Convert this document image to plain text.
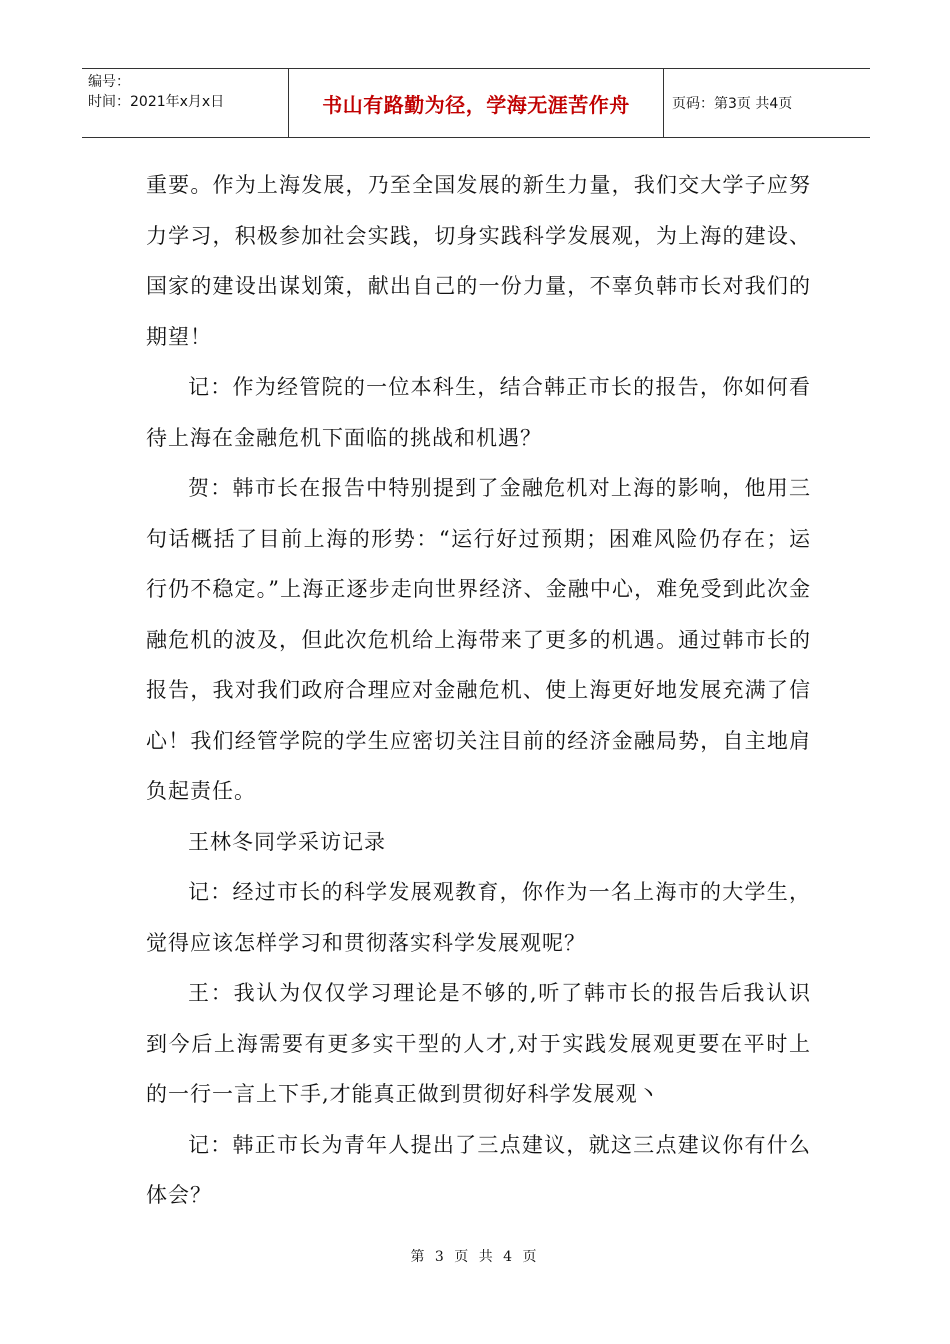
编号：
时间：2021年x月x日	书山有路勤为径，学海无涯苦作舟	页码：第3页 共4页

重要。作为上海发展，乃至全国发展的新生力量，我们交大学子应努力学习，积极参加社会实践，切身实践科学发展观，为上海的建设、国家的建设出谋划策，献出自己的一份力量，不辜负韩市长对我们的期望！

记：作为经管院的一位本科生，结合韩正市长的报告，你如何看待上海在金融危机下面临的挑战和机遇？

贺：韩市长在报告中特别提到了金融危机对上海的影响，他用三句话概括了目前上海的形势：“运行好过预期；困难风险仍存在；运行仍不稳定。”上海正逐步走向世界经济、金融中心，难免受到此次金融危机的波及，但此次危机给上海带来了更多的机遇。通过韩市长的报告，我对我们政府合理应对金融危机、使上海更好地发展充满了信心！我们经管学院的学生应密切关注目前的经济金融局势，自主地肩负起责任。

王林冬同学采访记录

记：经过市长的科学发展观教育，你作为一名上海市的大学生，觉得应该怎样学习和贯彻落实科学发展观呢？

王：我认为仅仅学习理论是不够的,听了韩市长的报告后我认识到今后上海需要有更多实干型的人才,对于实践发展观更要在平时上的一行一言上下手,才能真正做到贯彻好科学发展观丶

记：韩正市长为青年人提出了三点建议，就这三点建议你有什么体会？

第 3 页 共 4 页
